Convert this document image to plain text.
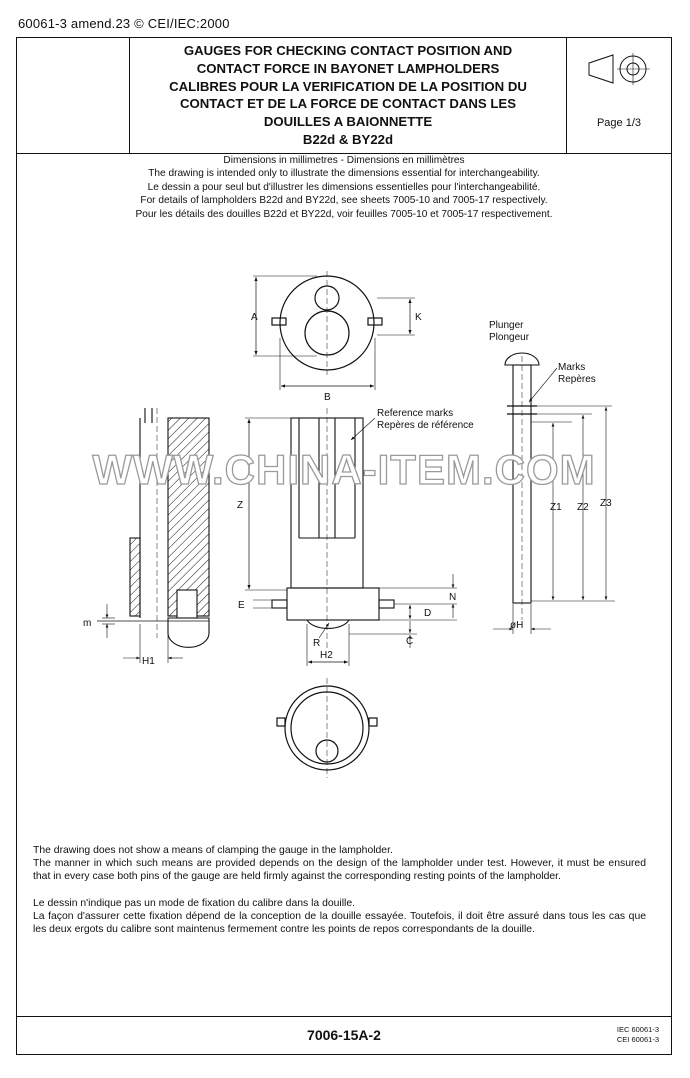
60061-3 amend.23 © CEI/IEC:2000
GAUGES FOR CHECKING CONTACT POSITION AND
CONTACT FORCE IN BAYONET LAMPHOLDERS
CALIBRES POUR LA VERIFICATION DE LA POSITION DU
CONTACT ET DE LA FORCE DE CONTACT DANS LES
DOUILLES A BAIONNETTE
B22d & BY22d
Page 1/3
Dimensions in millimetres - Dimensions en millimètres
The drawing is intended only to illustrate the dimensions essential for interchangeability.
Le dessin a pour seul but d'illustrer les dimensions essentielles pour l'interchangeabilité.
For details of lampholders B22d and BY22d, see sheets 7005-10 and 7005-17 respectively.
Pour les détails des douilles B22d et BY22d, voir feuilles 7005-10 et 7005-17 respectivement.
A	K
B
m
H1
Z
E
N
D
R	C
H2
Reference marks
Repères de référence
Plunger
Plongeur
Marks
Repères
Z1 Z2 Z3
øH
WWW.CHINA-ITEM.COM

The drawing does not show a means of clamping the gauge in the lampholder.

The manner in which such means are provided depends on the design of the lampholder under test. However, it must be ensured that in every case both pins of the gauge are held firmly against the corresponding resting points of the lampholder.

Le dessin n'indique pas un mode de fixation du calibre dans la douille.

La façon d'assurer cette fixation dépend de la conception de la douille essayée. Toutefois, il doit être assuré dans tous les cas que les deux ergots du calibre sont maintenus fermement contre les points de repos correspondants de la douille.

7006-15A-2	IEC 60061-3
CEI 60061-3
